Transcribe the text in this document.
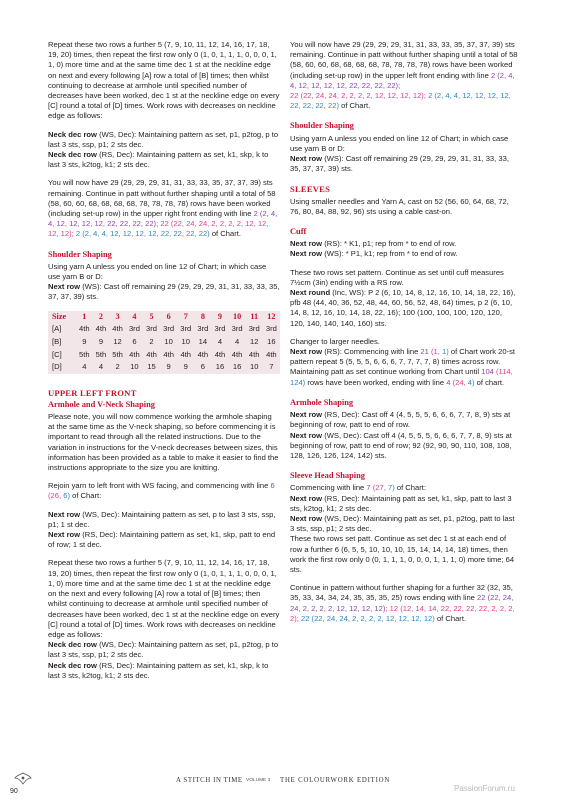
Repeat these two rows a further 5 (7, 9, 10, 11, 12, 14, 16, 17, 18, 19, 20) times, then repeat the first row only 0 (1, 0, 1, 1, 1, 0, 0, 0, 1, 1, 0) more time and at the same time dec 1 st at the neckline edge on next and every following [A] row a total of [B] times; then whilst continuing to decrease at armhole until specified number of decreases have been worked, dec 1 st at the neckline edge on every [C] round a total of [D] times. Work rows with decreases on neckline edge as follows:

Neck dec row (WS, Dec): Maintaining pattern as set, p1, p2tog, p to last 3 sts, ssp, p1; 2 sts dec.

Neck dec row (RS, Dec): Maintaining pattern as set, k1, skp, k to last 3 sts, k2tog, k1; 2 sts dec.

You will now have 29 (29, 29, 29, 31, 31, 33, 33, 35, 37, 37, 39) sts remaining. Continue in patt without further shaping until a total of 58 (58, 60, 60, 68, 68, 68, 68, 78, 78, 78, 78) rows have been worked (including set-up row) in the upper right front ending with line 2 (2, 4, 4, 12, 12, 12, 12, 22, 22, 22, 22); 22 (22, 24, 24, 2, 2, 2, 2, 12, 12, 12, 12); 2 (2, 4, 4, 12, 12, 12, 12, 22, 22, 22, 22) of Chart.

Shoulder Shaping
Using yarn A unless you ended on line 12 of Chart; in which case use yarn B or D:

Next row (WS): Cast off remaining 29 (29, 29, 29, 31, 31, 33, 33, 35, 37, 37, 39) sts.

Size	1	2	3	4	5	6	7	8	9	10	11	12
[A]	4th	4th	4th	3rd	3rd	3rd	3rd	3rd	3rd	3rd	3rd	3rd
[B]	9	9	12	6	2	10	10	14	4	4	12	16
[C]	5th	5th	5th	4th	4th	4th	4th	4th	4th	4th	4th	4th
[D]	4	4	2	10	15	9	9	6	16	16	10	7
UPPER LEFT FRONT
Armhole and V-Neck Shaping

Please note, you will now commence working the armhole shaping at the same time as the V-neck shaping, so before commencing it is important to read through all the related instructions. Due to the variation in instructions for the V-neck decreases between sizes, this information has been provided as a table to make it easier to find the instructions appropriate to the size you are knitting.

Rejoin yarn to left front with WS facing, and commencing with line 6 (26, 6) of Chart:

Next row (WS, Dec): Maintaining pattern as set, p to last 3 sts, ssp, p1; 1 st dec.

Next row (RS, Dec): Maintaining pattern as set, k1, skp, patt to end of row; 1 st dec.

Repeat these two rows a further 5 (7, 9, 10, 11, 12, 14, 16, 17, 18, 19, 20) times, then repeat the first row only 0 (1, 0, 1, 1, 1, 0, 0, 0, 1, 1, 0) more time and at the same time dec 1 st at the neckline edge on the next and every following [A] row a total of [B] times; then whilst continuing to decrease at armhole until specified number of decreases have been worked, dec 1 st at the neckline edge on every [C] round a total of [D] times. Work rows with decreases on neckline edge as follows:

Neck dec row (WS, Dec): Maintaining pattern as set, p1, p2tog, p to last 3 sts, ssp, p1; 2 sts dec.
Neck dec row (RS, Dec): Maintaining pattern as set, k1, skp, k to last 3 sts, k2tog, k1; 2 sts dec.

You will now have 29 (29, 29, 29, 31, 31, 33, 33, 35, 37, 37, 39) sts remaining. Continue in patt without further shaping until a total of 58 (58, 60, 60, 68, 68, 68, 68, 78, 78, 78, 78) rows have been worked (including set-up row) in the upper left front ending with line 2 (2, 4, 4, 12, 12, 12, 12, 22, 22, 22, 22);
22 (22, 24, 24, 2, 2, 2, 2, 12, 12, 12, 12); 2 (2, 4, 4, 12, 12, 12, 12, 22, 22, 22, 22) of Chart.

Shoulder Shaping
Using yarn A unless you ended on line 12 of Chart; in which case use yarn B or D:

Next row (WS): Cast off remaining 29 (29, 29, 29, 31, 31, 33, 33, 35, 37, 37, 39) sts.

SLEEVES

Using smaller needles and Yarn A, cast on 52 (56, 60, 64, 68, 72, 76, 80, 84, 88, 92, 96) sts using a cable cast-on.

Cuff
Next row (RS): * K1, p1; rep from * to end of row.

Next row (WS): * P1, k1; rep from * to end of row.

These two rows set pattern. Continue as set until cuff measures 7½cm (3in) ending with a RS row.

Next round (Inc, WS): P 2 (6, 10, 14, 8, 12, 16, 10, 14, 18, 22, 16), pfb 48 (44, 40, 36, 52, 48, 44, 60, 56, 52, 48, 64) times, p 2 (6, 10, 14, 8, 12, 16, 10, 14, 18, 22, 16); 100 (100, 100, 100, 120, 120, 120, 140, 140, 140, 160) sts.

Changer to larger needles.
Next row (RS): Commencing with line 21 (1, 1) of Chart work 20-st pattern repeat 5 (5, 5, 5, 6, 6, 6, 7, 7, 7, 7, 8) times across row.

Maintaining patt as set continue working from Chart until 104 (114, 124) rows have been worked, ending with line 4 (24, 4) of chart.

Armhole Shaping
Next row (RS, Dec): Cast off 4 (4, 5, 5, 5, 6, 6, 6, 7, 7, 8, 9) sts at beginning of row, patt to end of row.

Next row (WS, Dec): Cast off 4 (4, 5, 5, 5, 6, 6, 6, 7, 7, 8, 9) sts at beginning of row, patt to end of row; 92 (92, 90, 90, 110, 108, 108, 128, 126, 126, 124, 142) sts.

Sleeve Head Shaping
Commencing with line 7 (27, 7) of Chart:
Next row (RS, Dec): Maintaining patt as set, k1, skp, patt to last 3 sts, k2tog, k1; 2 sts dec.
Next row (WS, Dec): Maintaining patt as set, p1, p2tog, patt to last 3 sts, ssp, p1; 2 sts dec.

These two rows set patt. Continue as set dec 1 st at each end of row a further 6 (6, 5, 5, 10, 10, 10, 15, 14, 14, 14, 18) times, then work the first row only 0 (0, 1, 1, 1, 0, 0, 0, 1, 1, 1, 0) more time; 64 sts.

Continue in pattern without further shaping for a further 32 (32, 35, 35, 33, 34, 34, 24, 35, 35, 35, 25) rows ending with line 22 (22, 24, 24, 2, 2, 2, 2, 12, 12, 12, 12); 12 (12, 14, 14, 22, 22, 22, 22, 2, 2, 2, 2); 22 (22, 24, 24, 2, 2, 2, 2, 12, 12, 12, 12) of Chart.

90
A STITCH IN TIME VOLUME 3 THE COLOURWORK EDITION
PassionForum.ru
